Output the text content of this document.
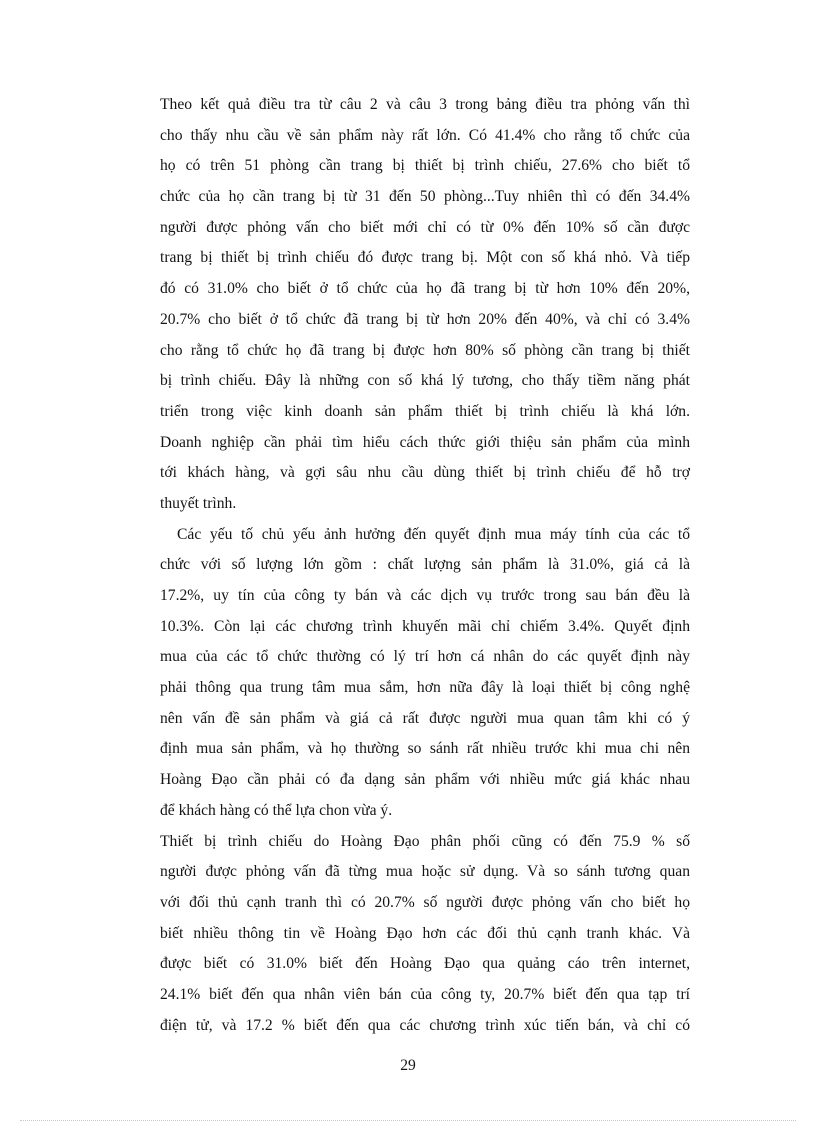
Theo kết quả điều tra từ câu 2 và câu 3 trong bảng điều tra phỏng vấn thì
cho thấy nhu cầu về sản phẩm này rất lớn. Có 41.4% cho rằng tổ chức của
họ có trên 51 phòng cần trang bị thiết bị trình chiếu, 27.6% cho biết tổ
chức của họ cần trang bị từ 31 đến 50 phòng...Tuy nhiên thì có đến 34.4%
người được phỏng vấn cho biết mới chỉ có từ 0% đến 10% số cần được
trang bị thiết bị trình chiếu đó được trang bị. Một con số khá nhỏ. Và tiếp
đó có 31.0% cho biết ở tổ chức của họ đã trang bị từ hơn 10% đến 20%,
20.7% cho biết ở tổ chức đã trang bị từ hơn 20% đến 40%, và chỉ có 3.4%
cho rằng tổ chức họ đã trang bị được hơn 80% số phòng cần trang bị thiết
bị trình chiếu. Đây là những con số khá lý tương, cho thấy tiềm năng phát
triển trong việc kinh doanh sản phẩm thiết bị trình chiếu là khá lớn.
Doanh nghiệp cần phải tìm hiểu cách thức giới thiệu sản phẩm của mình
tới khách hàng, và gợi sâu nhu cầu dùng thiết bị trình chiếu để hỗ trợ
thuyết trình.
Các yếu tố chủ yếu ảnh hưởng đến quyết định mua máy tính của các tổ
chức với số lượng lớn gồm : chất lượng sản phẩm là 31.0%, giá cả là
17.2%, uy tín của công ty bán và các dịch vụ trước trong sau bán đều là
10.3%. Còn lại các chương trình khuyến mãi chỉ chiếm 3.4%. Quyết định
mua của các tổ chức thường có lý trí hơn cá nhân do các quyết định này
phải thông qua trung tâm mua sắm, hơn nữa đây là loại thiết bị công nghệ
nên vấn đề sản phẩm và giá cả rất được người mua quan tâm khi có ý
định mua sản phẩm, và họ thường so sánh rất nhiều trước khi mua chi nên
Hoàng Đạo cần phải có đa dạng sản phẩm với nhiều mức giá khác nhau
để khách hàng có thể lựa chon vừa ý.
Thiết bị trình chiếu do Hoàng Đạo phân phối cũng có đến 75.9 % số
người được phỏng vấn đã từng mua hoặc sử dụng. Và so sánh tương quan
với đối thủ cạnh tranh thì có 20.7% số người được phỏng vấn cho biết họ
biết nhiều thông tin về Hoàng Đạo hơn các đối thủ cạnh tranh khác. Và
được biết có 31.0% biết đến Hoàng Đạo qua quảng cáo trên internet,
24.1% biết đến qua nhân viên bán của công ty, 20.7% biết đến qua tạp trí
điện tử, và 17.2 % biết đến qua các chương trình xúc tiến bán, và chỉ có
29
